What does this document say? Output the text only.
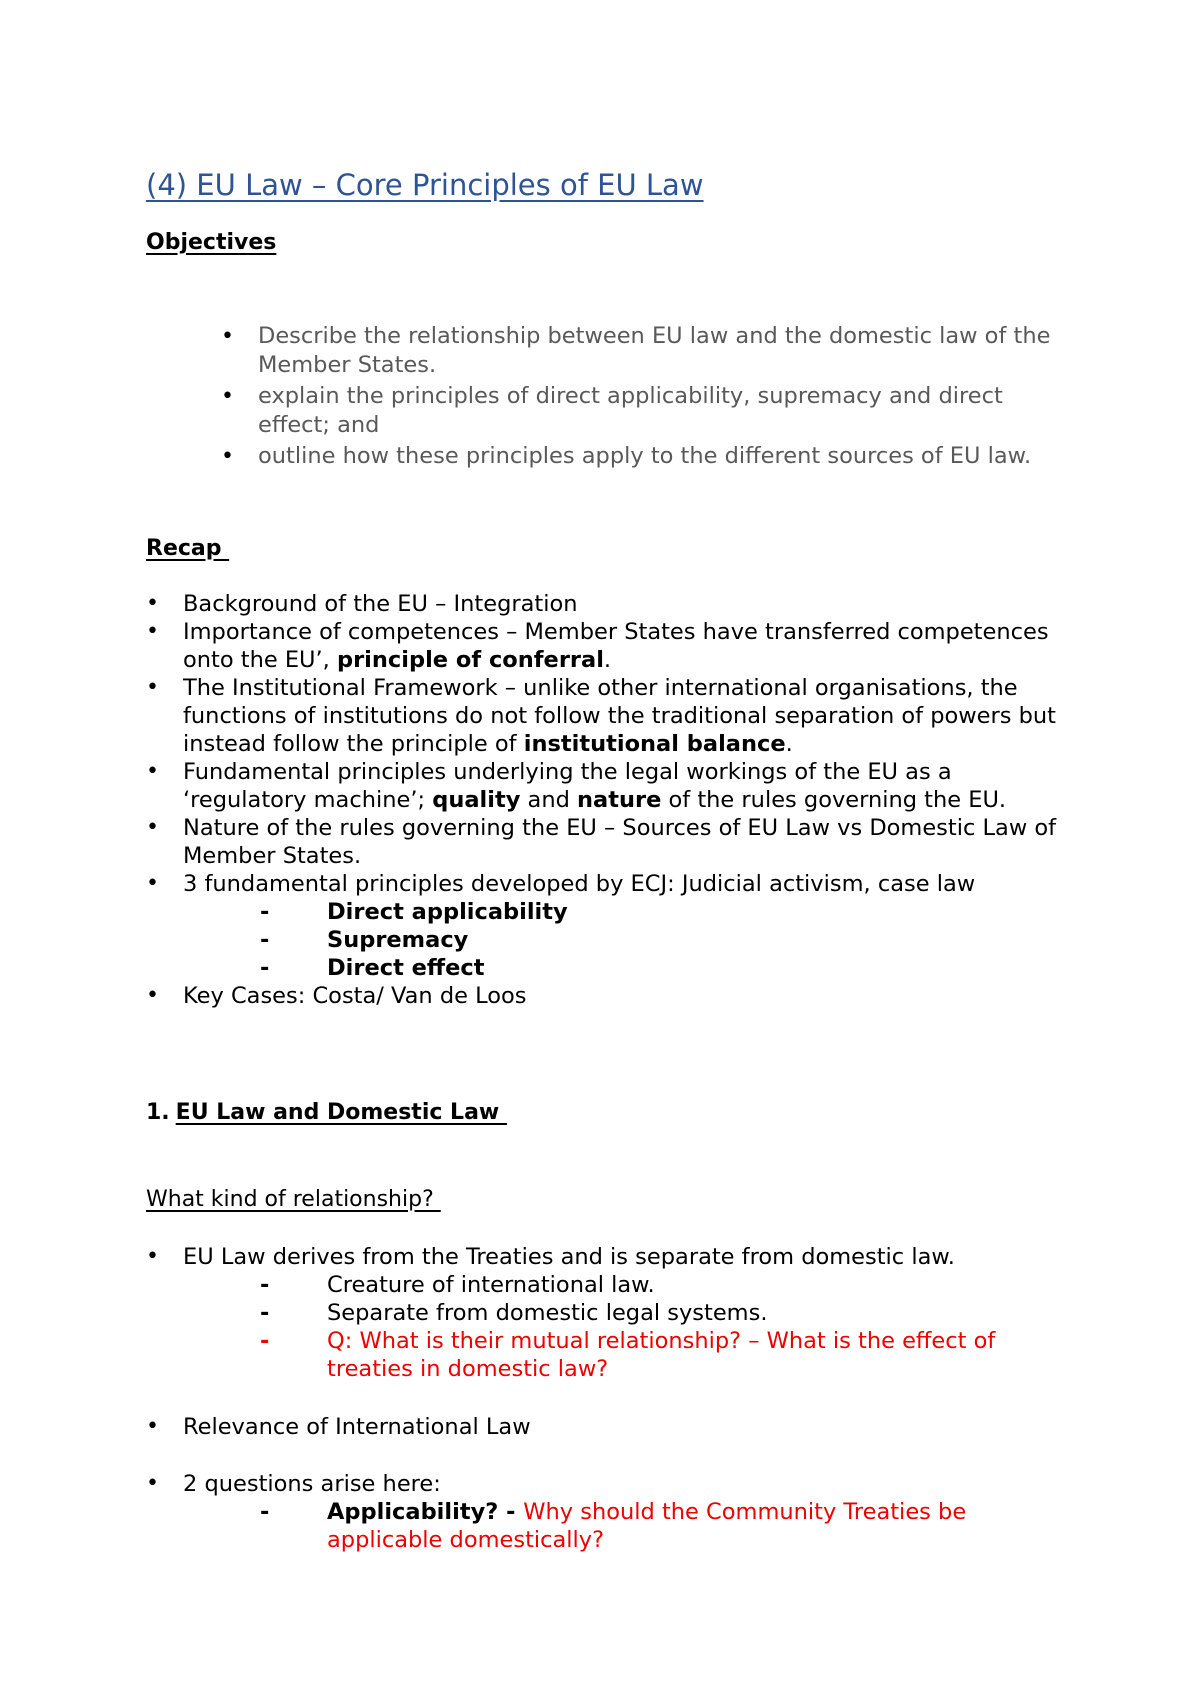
(4) EU Law – Core Principles of EU Law
Objectives
• Describe the relationship between EU law and the domestic law of the Member States.
• explain the principles of direct applicability, supremacy and direct effect; and
• outline how these principles apply to the different sources of EU law.
Recap
• Background of the EU – Integration
• Importance of competences – Member States have transferred competences onto the EU’, principle of conferral.
• The Institutional Framework – unlike other international organisations, the functions of institutions do not follow the traditional separation of powers but instead follow the principle of institutional balance.
• Fundamental principles underlying the legal workings of the EU as a ‘regulatory machine’; quality and nature of the rules governing the EU.
• Nature of the rules governing the EU – Sources of EU Law vs Domestic Law of Member States.
• 3 fundamental principles developed by ECJ: Judicial activism, case law
-	Direct applicability
-	Supremacy
-	Direct effect
• Key Cases: Costa/ Van de Loos
1. EU Law and Domestic Law
What kind of relationship?
• EU Law derives from the Treaties and is separate from domestic law.
-	Creature of international law.
-	Separate from domestic legal systems.
-	Q: What is their mutual relationship? – What is the effect of treaties in domestic law?
• Relevance of International Law
• 2 questions arise here:
-	Applicability? - Why should the Community Treaties be applicable domestically?
